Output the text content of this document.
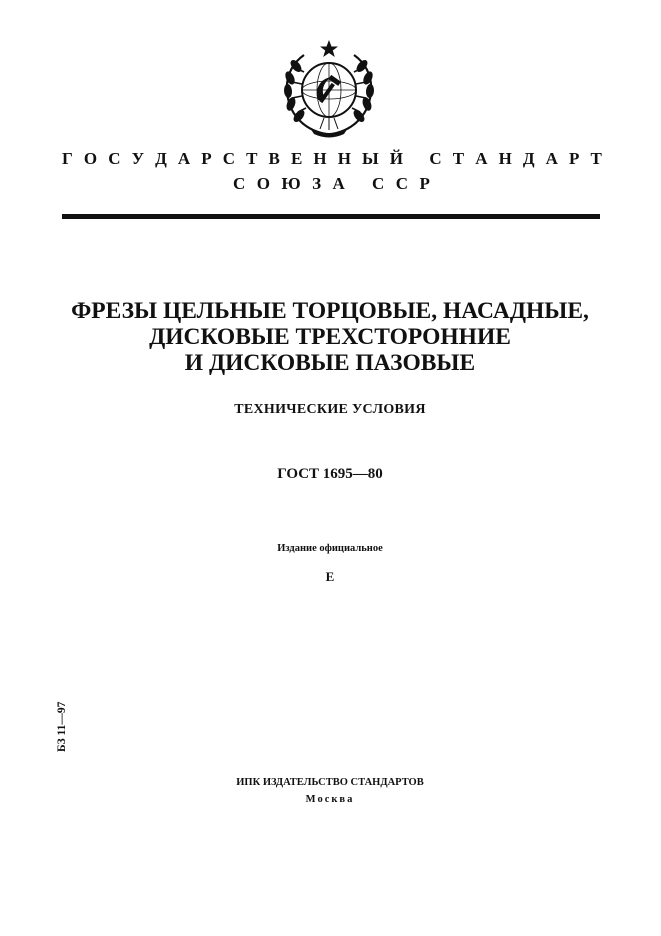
Г О С У Д А Р С Т В Е Н Н Ы Й
С Т А Н Д А Р Т
С О Ю З А
С С Р
ФРЕЗЫ ЦЕЛЬНЫЕ ТОРЦОВЫЕ, НАСАДНЫЕ,
ДИСКОВЫЕ ТРЕХСТОРОННИЕ
И ДИСКОВЫЕ ПАЗОВЫЕ
ТЕХНИЧЕСКИЕ УСЛОВИЯ
ГОСТ 1695—80
Издание официальное
Е
БЗ 11—97
ИПК ИЗДАТЕЛЬСТВО СТАНДАРТОВ
Москва
